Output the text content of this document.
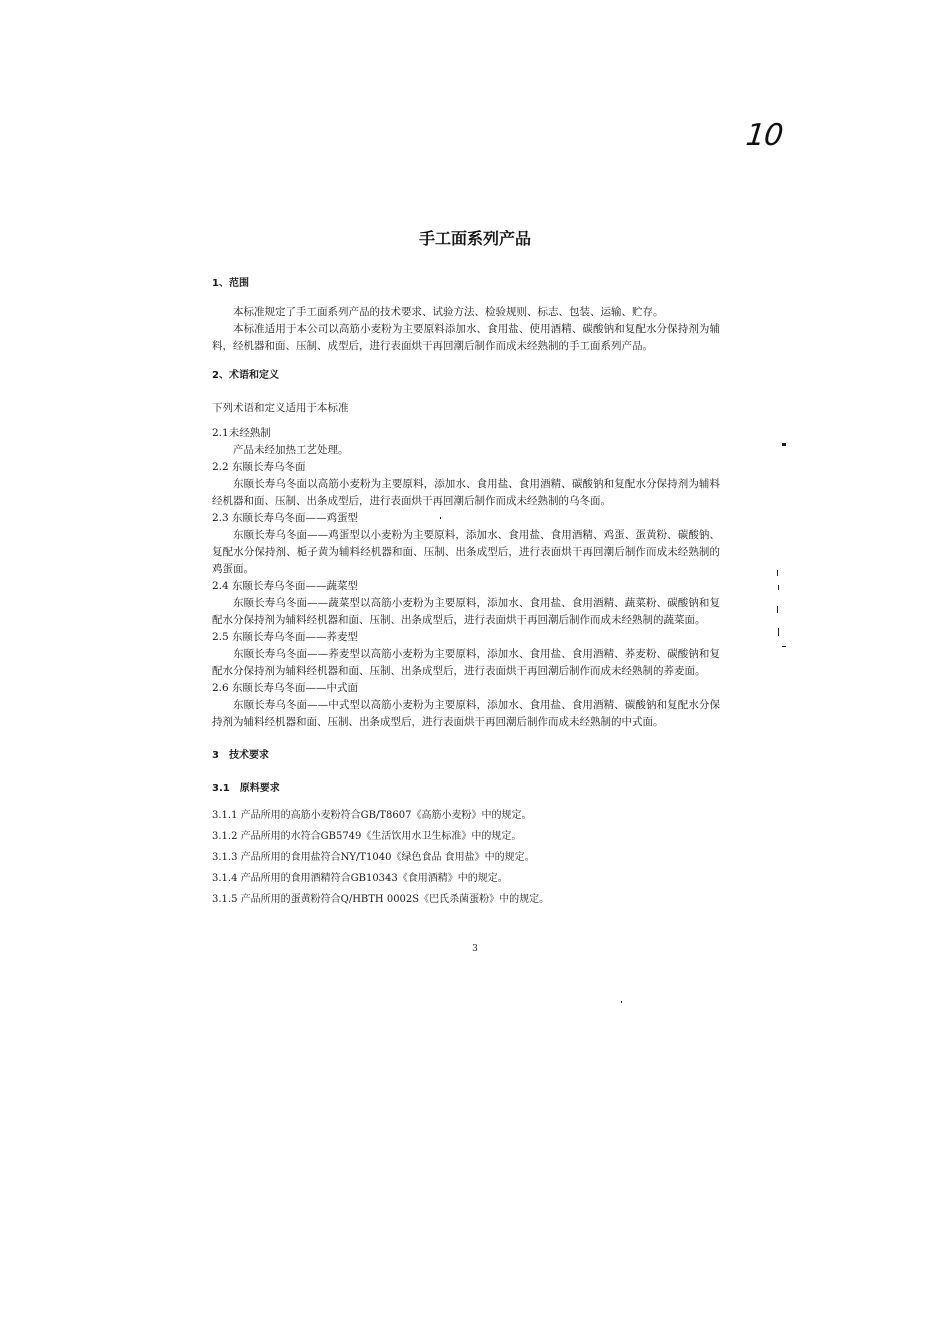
10
手工面系列产品

1、范围

本标准规定了手工面系列产品的技术要求、试验方法、检验规则、标志、包装、运输、贮存。

本标准适用于本公司以高筋小麦粉为主要原料添加水、食用盐、使用酒精、碳酸钠和复配水分保持剂为辅料，经机器和面、压制、成型后，进行表面烘干再回潮后制作而成未经熟制的手工面系列产品。

2、术语和定义

下列术语和定义适用于本标准

2.1未经熟制

产品未经加热工艺处理。

2.2 东颐长寿乌冬面

东颐长寿乌冬面以高筋小麦粉为主要原料，添加水、食用盐、食用酒精、碳酸钠和复配水分保持剂为辅料经机器和面、压制、出条成型后，进行表面烘干再回潮后制作而成未经熟制的乌冬面。

2.3 东颐长寿乌冬面——鸡蛋型

东颐长寿乌冬面——鸡蛋型以小麦粉为主要原料，添加水、食用盐、食用酒精、鸡蛋、蛋黄粉、碳酸钠、复配水分保持剂、栀子黄为辅料经机器和面、压制、出条成型后，进行表面烘干再回潮后制作而成未经熟制的鸡蛋面。

2.4 东颐长寿乌冬面——蔬菜型

东颐长寿乌冬面——蔬菜型以高筋小麦粉为主要原料，添加水、食用盐、食用酒精、蔬菜粉、碳酸钠和复配水分保持剂为辅料经机器和面、压制、出条成型后，进行表面烘干再回潮后制作而成未经熟制的蔬菜面。

2.5 东颐长寿乌冬面——荞麦型

东颐长寿乌冬面——荞麦型以高筋小麦粉为主要原料，添加水、食用盐、食用酒精、荞麦粉、碳酸钠和复配水分保持剂为辅料经机器和面、压制、出条成型后，进行表面烘干再回潮后制作而成未经熟制的荞麦面。

2.6 东颐长寿乌冬面——中式面

东颐长寿乌冬面——中式型以高筋小麦粉为主要原料，添加水、食用盐、食用酒精、碳酸钠和复配水分保持剂为辅料经机器和面、压制、出条成型后，进行表面烘干再回潮后制作而成未经熟制的中式面。

3　技术要求

3.1　原料要求

3.1.1 产品所用的高筋小麦粉符合GB/T8607《高筋小麦粉》中的规定。

3.1.2 产品所用的水符合GB5749《生活饮用水卫生标准》中的规定。

3.1.3 产品所用的食用盐符合NY/T1040《绿色食品 食用盐》中的规定。

3.1.4 产品所用的食用酒精符合GB10343《食用酒精》中的规定。

3.1.5 产品所用的蛋黄粉符合Q/HBTH 0002S《巴氏杀菌蛋粉》中的规定。

3
